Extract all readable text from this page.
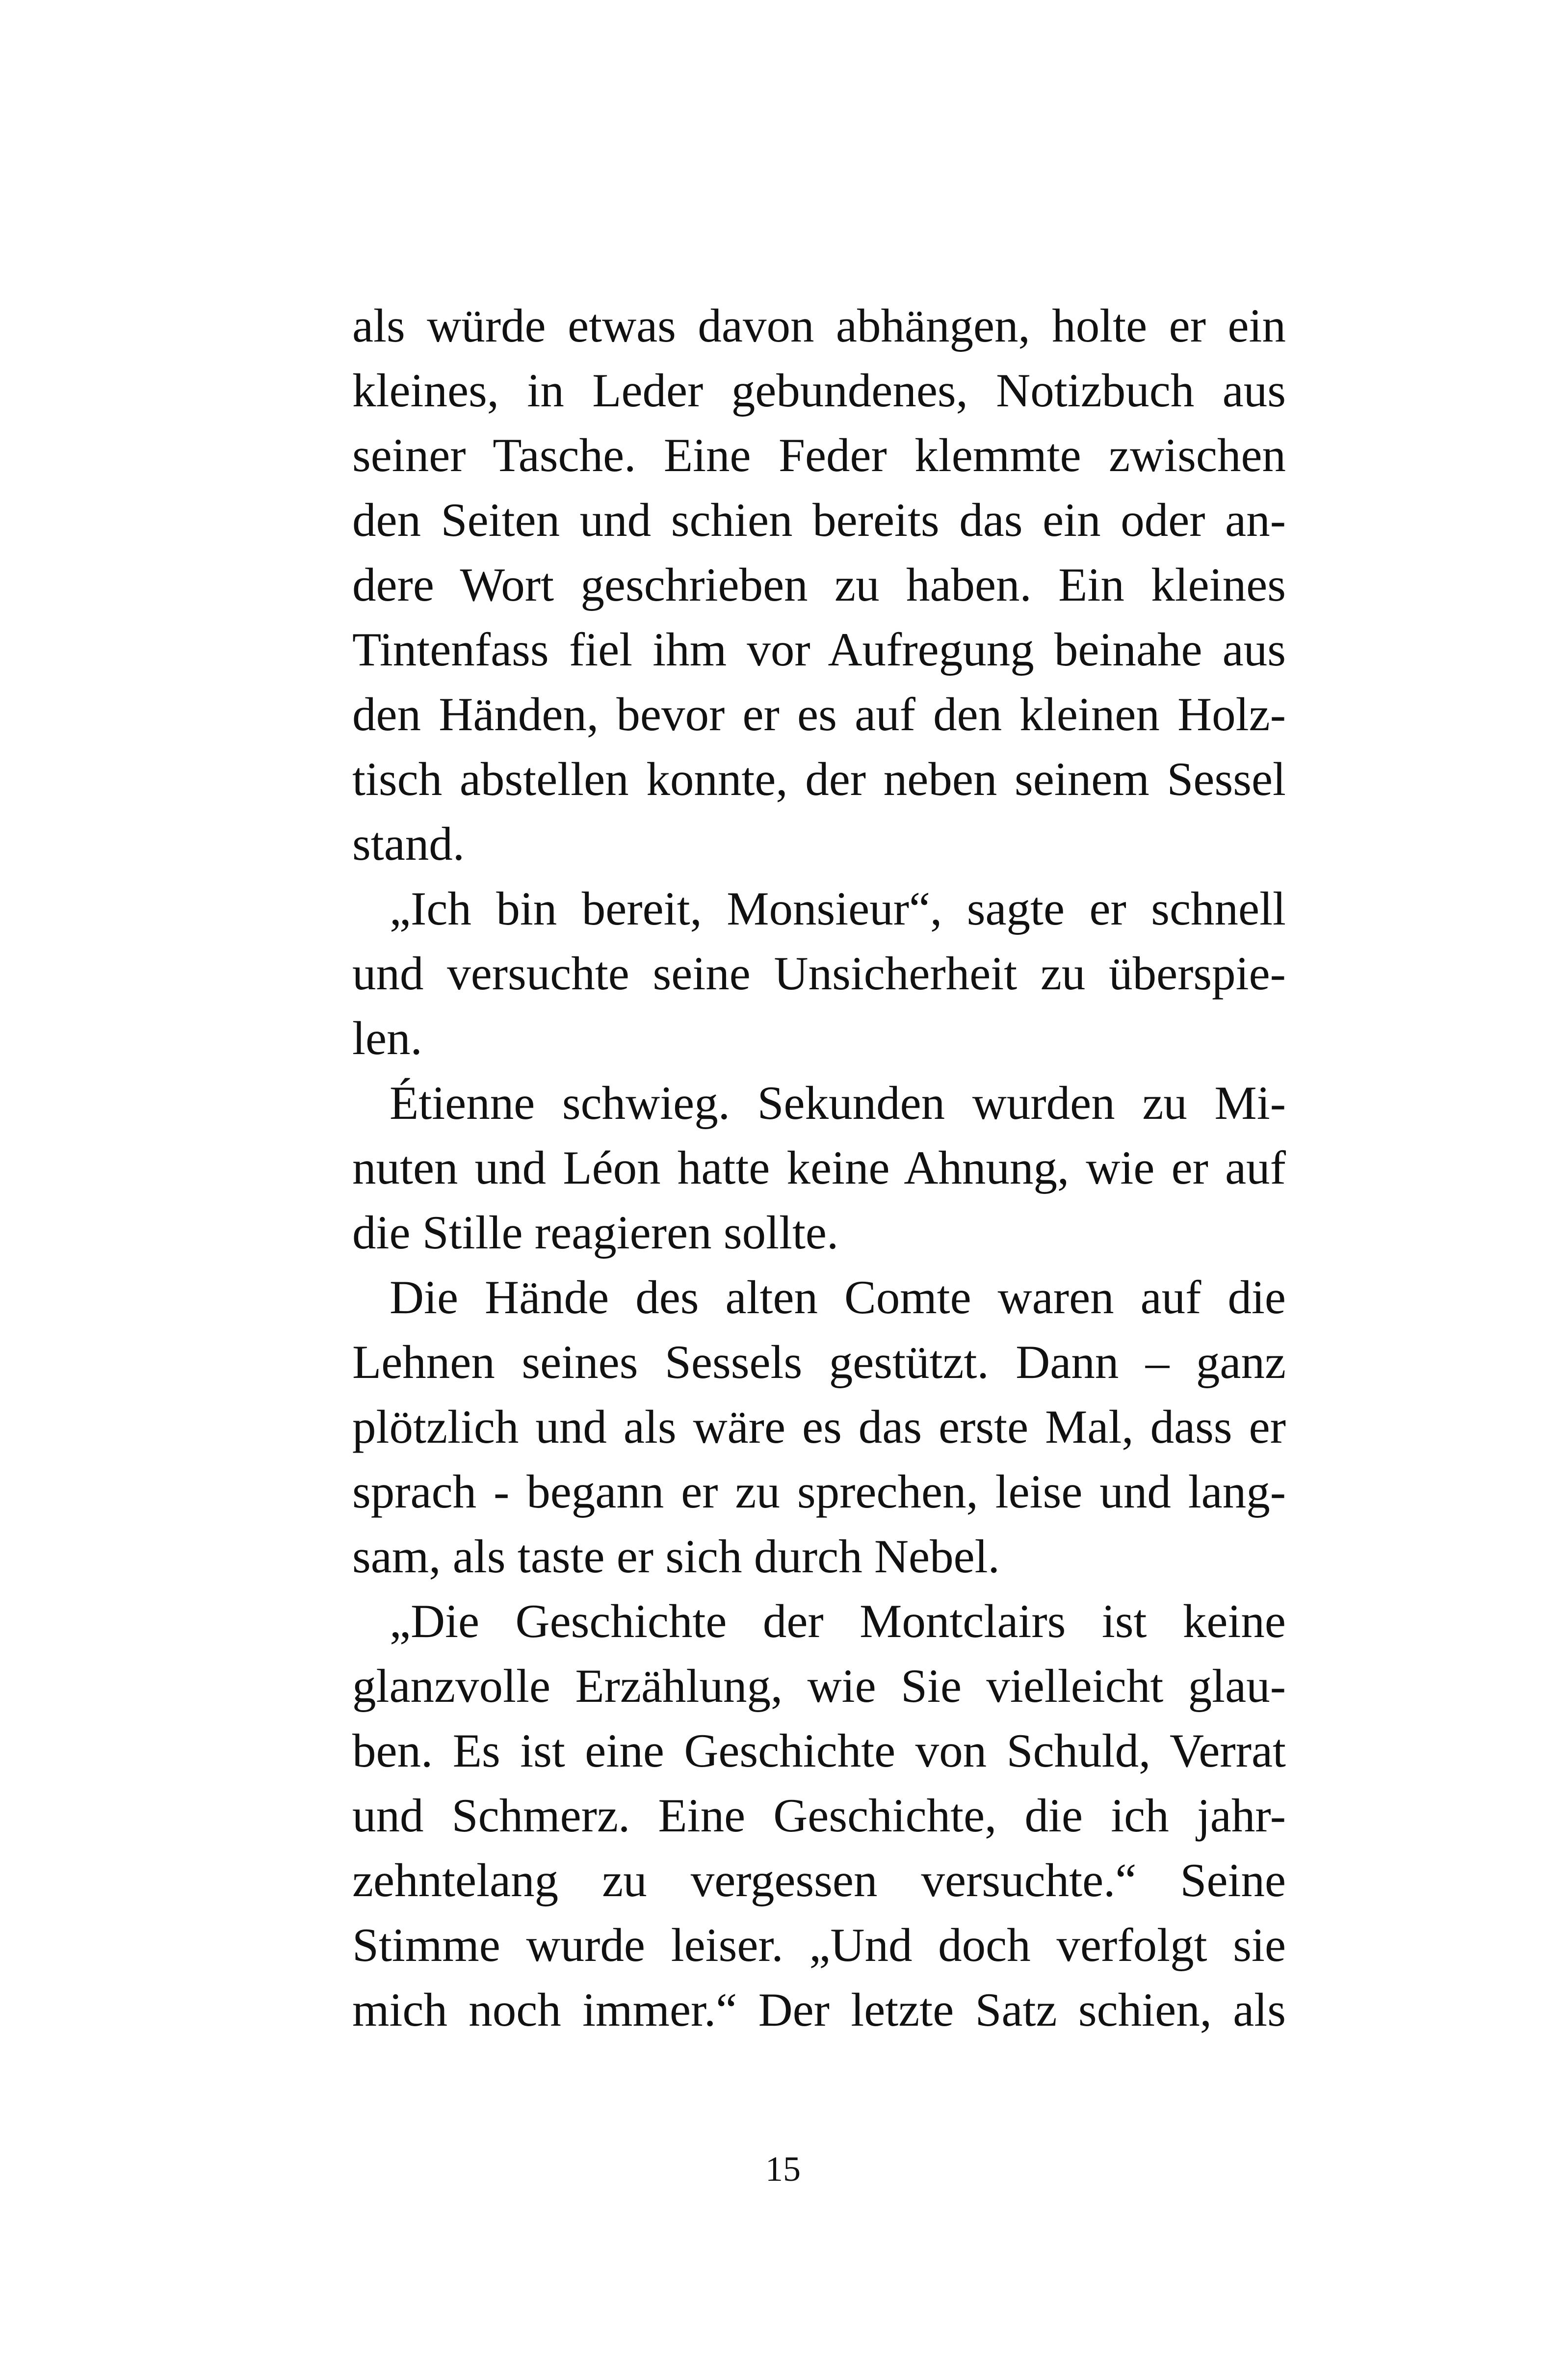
als würde etwas davon abhängen, holte er ein
kleines, in Leder gebundenes, Notizbuch aus
seiner Tasche. Eine Feder klemmte zwischen
den Seiten und schien bereits das ein oder an-
dere Wort geschrieben zu haben. Ein kleines
Tintenfass fiel ihm vor Aufregung beinahe aus
den Händen, bevor er es auf den kleinen Holz-
tisch abstellen konnte, der neben seinem Sessel
stand.
„Ich bin bereit, Monsieur“, sagte er schnell
und versuchte seine Unsicherheit zu überspie-
len.
Étienne schwieg. Sekunden wurden zu Mi-
nuten und Léon hatte keine Ahnung, wie er auf
die Stille reagieren sollte.
Die Hände des alten Comte waren auf die
Lehnen seines Sessels gestützt. Dann – ganz
plötzlich und als wäre es das erste Mal, dass er
sprach - begann er zu sprechen, leise und lang-
sam, als taste er sich durch Nebel.
„Die Geschichte der Montclairs ist keine
glanzvolle Erzählung, wie Sie vielleicht glau-
ben. Es ist eine Geschichte von Schuld, Verrat
und Schmerz. Eine Geschichte, die ich jahr-
zehntelang zu vergessen versuchte.“ Seine
Stimme wurde leiser. „Und doch verfolgt sie
mich noch immer.“ Der letzte Satz schien, als
15
